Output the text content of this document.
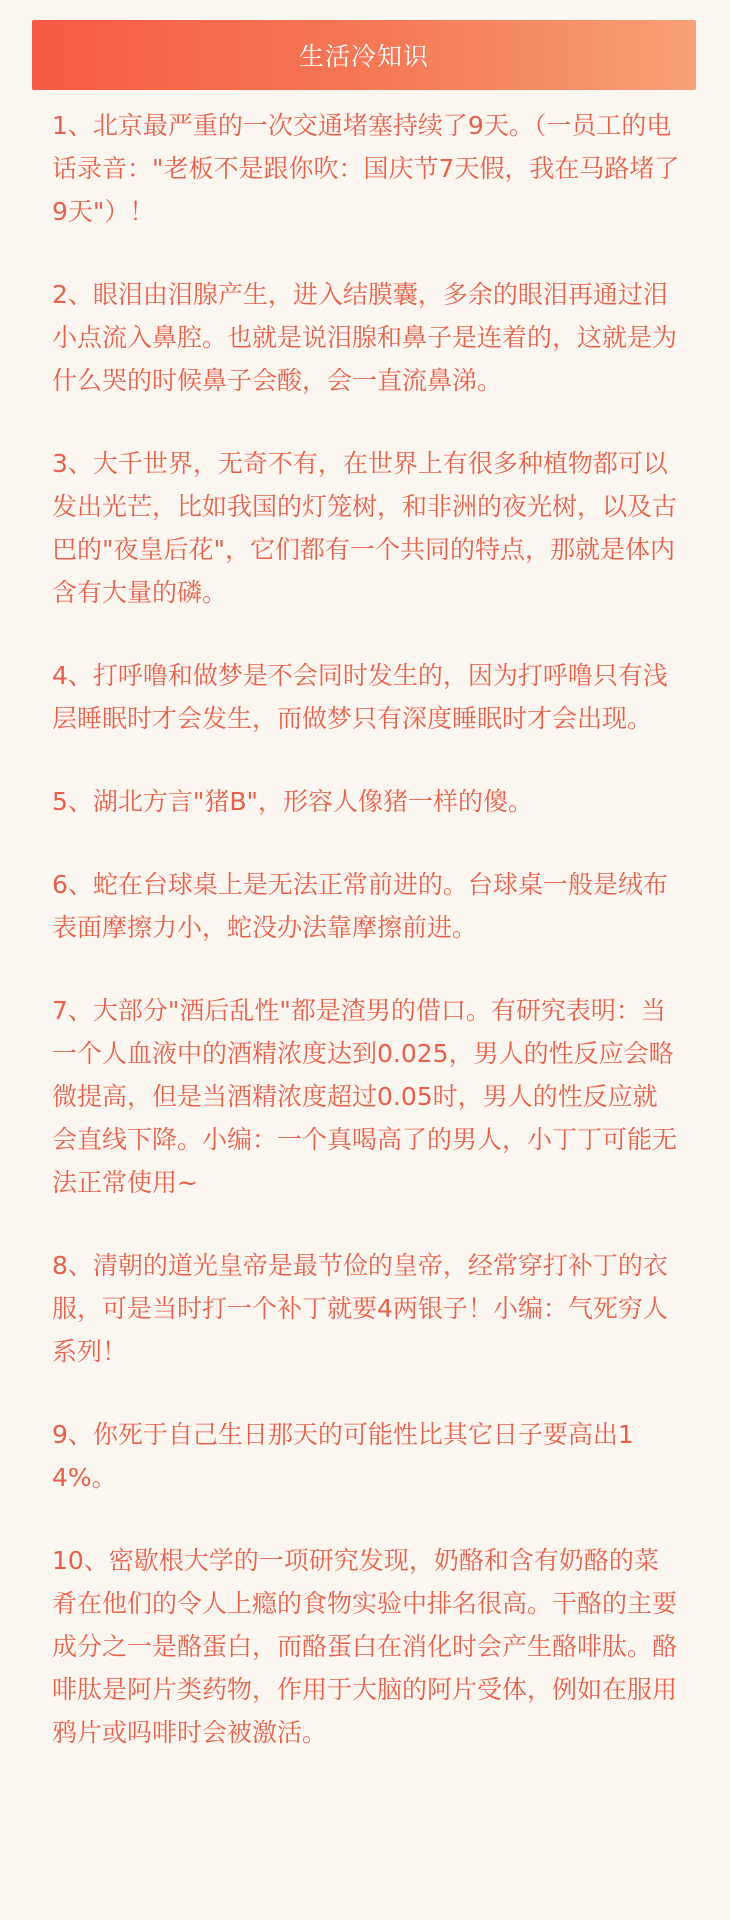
生活冷知识

1、北京最严重的一次交通堵塞持续了9天。（一员工的电话录音："老板不是跟你吹：国庆节7天假，我在马路堵了9天"）！

2、眼泪由泪腺产生，进入结膜囊，多余的眼泪再通过泪小点流入鼻腔。也就是说泪腺和鼻子是连着的，这就是为什么哭的时候鼻子会酸，会一直流鼻涕。

3、大千世界，无奇不有，在世界上有很多种植物都可以发出光芒，比如我国的灯笼树，和非洲的夜光树，以及古巴的"夜皇后花"，它们都有一个共同的特点，那就是体内含有大量的磷。

4、打呼噜和做梦是不会同时发生的，因为打呼噜只有浅层睡眠时才会发生，而做梦只有深度睡眠时才会出现。

5、湖北方言"猪B"，形容人像猪一样的傻。

6、蛇在台球桌上是无法正常前进的。台球桌一般是绒布表面摩擦力小，蛇没办法靠摩擦前进。

7、大部分"酒后乱性"都是渣男的借口。有研究表明：当一个人血液中的酒精浓度达到0.025，男人的性反应会略微提高，但是当酒精浓度超过0.05时，男人的性反应就会直线下降。小编：一个真喝高了的男人，小丁丁可能无法正常使用~

8、清朝的道光皇帝是最节俭的皇帝，经常穿打补丁的衣服，可是当时打一个补丁就要4两银子！小编：气死穷人系列！

9、你死于自己生日那天的可能性比其它日子要高出14%。

10、密歇根大学的一项研究发现，奶酪和含有奶酪的菜肴在他们的令人上瘾的食物实验中排名很高。干酪的主要成分之一是酪蛋白，而酪蛋白在消化时会产生酪啡肽。酪啡肽是阿片类药物，作用于大脑的阿片受体，例如在服用鸦片或吗啡时会被激活。
